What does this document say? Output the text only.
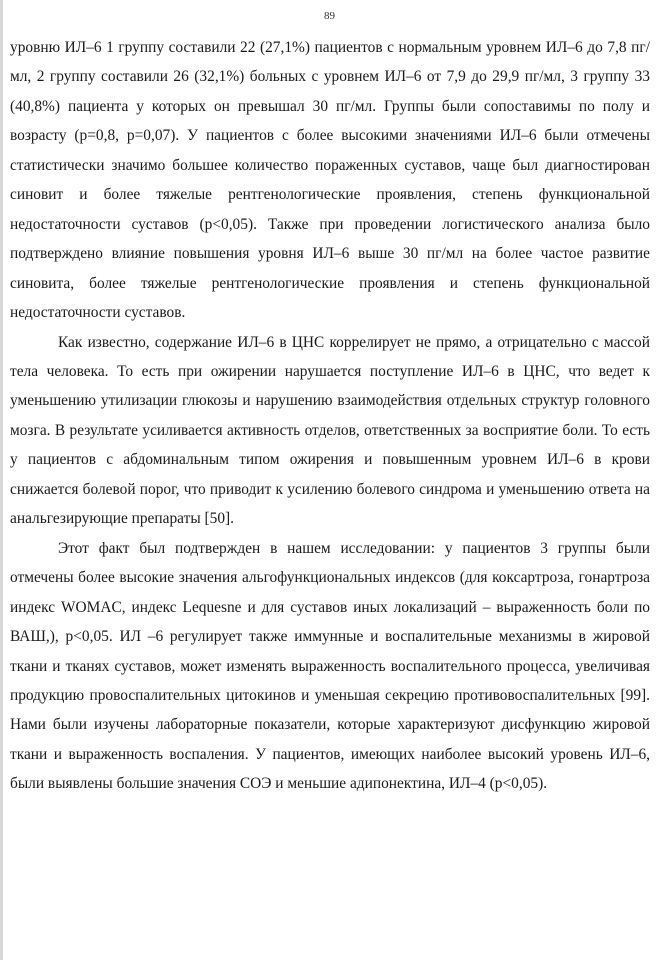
89

уровню ИЛ–6 1 группу составили 22 (27,1%) пациентов с нормальным уровнем ИЛ–6 до 7,8 пг/мл, 2 группу составили 26 (32,1%) больных с уровнем ИЛ–6 от 7,9 до 29,9 пг/мл, 3 группу 33 (40,8%) пациента у которых он превышал 30 пг/мл. Группы были сопоставимы по полу и возрасту (p=0,8, p=0,07). У пациентов с более высокими значениями ИЛ–6 были отмечены статистически значимо большее количество пораженных суставов, чаще был диагностирован синовит и более тяжелые рентгенологические проявления, степень функциональной недостаточности суставов (p<0,05). Также при проведении логистического анализа было подтверждено влияние повышения уровня ИЛ–6 выше 30 пг/мл на более частое развитие синовита, более тяжелые рентгенологические проявления и степень функциональной недостаточности суставов.

Как известно, содержание ИЛ–6 в ЦНС коррелирует не прямо, а отрицательно с массой тела человека. То есть при ожирении нарушается поступление ИЛ–6 в ЦНС, что ведет к уменьшению утилизации глюкозы и нарушению взаимодействия отдельных структур головного мозга. В результате усиливается активность отделов, ответственных за восприятие боли. То есть у пациентов с абдоминальным типом ожирения и повышенным уровнем ИЛ–6 в крови снижается болевой порог, что приводит к усилению болевого синдрома и уменьшению ответа на анальгезирующие препараты [50].

Этот факт был подтвержден в нашем исследовании: у пациентов 3 группы были отмечены более высокие значения альгофункциональных индексов (для коксартроза, гонартроза индекс WOMAC, индекс Lequesne и для суставов иных локализаций – выраженность боли по ВАШ,), p<0,05. ИЛ –6 регулирует также иммунные и воспалительные механизмы в жировой ткани и тканях суставов, может изменять выраженность воспалительного процесса, увеличивая продукцию провоспалительных цитокинов и уменьшая секрецию противовоспалительных [99]. Нами были изучены лабораторные показатели, которые характеризуют дисфункцию жировой ткани и выраженность воспаления. У пациентов, имеющих наиболее высокий уровень ИЛ–6, были выявлены большие значения СОЭ и меньшие адипонектина, ИЛ–4 (p<0,05).
